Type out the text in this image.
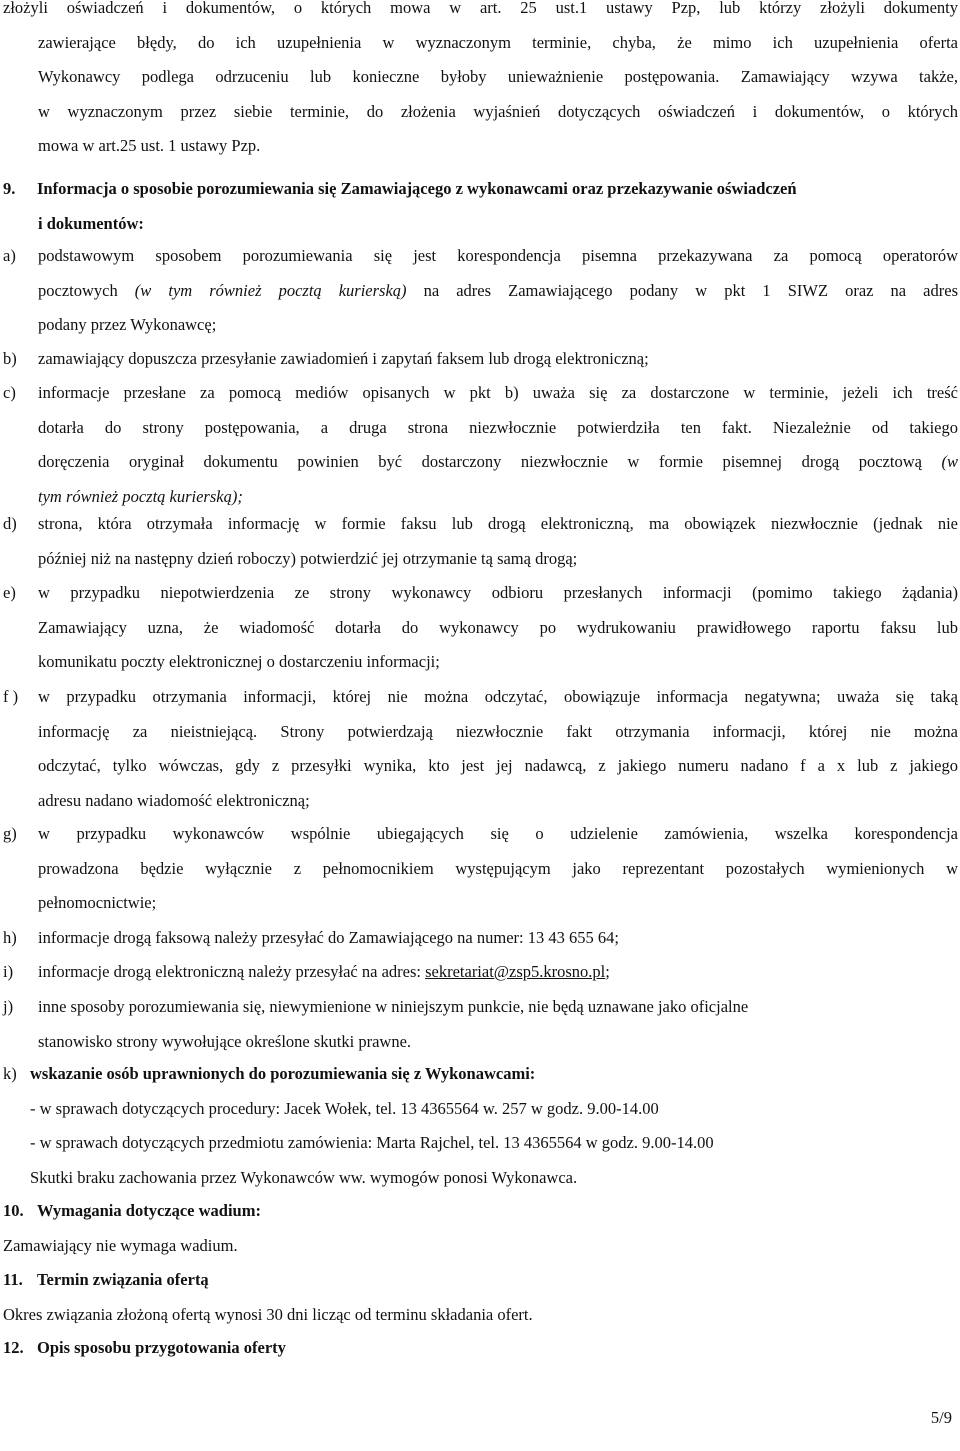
złożyli oświadczeń i dokumentów, o których mowa w art. 25 ust.1 ustawy Pzp, lub którzy złożyli dokumenty
zawierające błędy, do ich uzupełnienia w wyznaczonym terminie, chyba, że mimo ich uzupełnienia oferta
Wykonawcy podlega odrzuceniu lub konieczne byłoby unieważnienie postępowania. Zamawiający wzywa także,
w wyznaczonym przez siebie terminie, do złożenia wyjaśnień dotyczących oświadczeń i dokumentów, o których
mowa w art.25 ust. 1 ustawy Pzp.
9. Informacja o sposobie porozumiewania się Zamawiającego z wykonawcami oraz przekazywanie oświadczeń
i dokumentów:
a)	podstawowym sposobem porozumiewania się jest korespondencja pisemna przekazywana za pomocą operatorów
pocztowych (w tym również pocztą kurierską) na adres Zamawiającego podany w pkt 1 SIWZ oraz na adres
podany przez Wykonawcę;
b)	zamawiający dopuszcza przesyłanie zawiadomień i zapytań faksem lub drogą elektroniczną;
c)	informacje przesłane za pomocą mediów opisanych w pkt b) uważa się za dostarczone w terminie, jeżeli ich treść
dotarła do strony postępowania, a druga strona niezwłocznie potwierdziła ten fakt. Niezależnie od takiego
doręczenia oryginał dokumentu powinien być dostarczony niezwłocznie w formie pisemnej drogą pocztową (w
tym również pocztą kurierską);
d)	strona, która otrzymała informację w formie faksu lub drogą elektroniczną, ma obowiązek niezwłocznie (jednak nie
później niż na następny dzień roboczy) potwierdzić jej otrzymanie tą samą drogą;
e)	w przypadku niepotwierdzenia ze strony wykonawcy odbioru przesłanych informacji (pomimo takiego żądania)
Zamawiający uzna, że wiadomość dotarła do wykonawcy po wydrukowaniu prawidłowego raportu faksu lub
komunikatu poczty elektronicznej o dostarczeniu informacji;
f )	w przypadku otrzymania informacji, której nie można odczytać, obowiązuje informacja negatywna; uważa się taką
informację za nieistniejącą. Strony potwierdzają niezwłocznie fakt otrzymania informacji, której nie można
odczytać, tylko wówczas, gdy z przesyłki wynika, kto jest jej nadawcą, z jakiego numeru nadano f a x lub z jakiego
adresu nadano wiadomość elektroniczną;
g)	w przypadku wykonawców wspólnie ubiegających się o udzielenie zamówienia, wszelka korespondencja
prowadzona będzie wyłącznie z pełnomocnikiem występującym jako reprezentant pozostałych wymienionych w
pełnomocnictwie;
h)	informacje drogą faksową należy przesyłać do Zamawiającego na numer: 13 43 655 64;
i)	informacje drogą elektroniczną należy przesyłać na adres: sekretariat@zsp5.krosno.pl;
j)	inne sposoby porozumiewania się, niewymienione w niniejszym punkcie, nie będą uznawane jako oficjalne
stanowisko strony wywołujące określone skutki prawne.
k) wskazanie osób uprawnionych do porozumiewania się z Wykonawcami:
- w sprawach dotyczących procedury: Jacek Wołek, tel. 13 4365564 w. 257 w godz. 9.00-14.00
- w sprawach dotyczących przedmiotu zamówienia: Marta Rajchel, tel. 13 4365564 w godz. 9.00-14.00
Skutki braku zachowania przez Wykonawców ww. wymogów ponosi Wykonawca.
10. Wymagania dotyczące wadium:
Zamawiający nie wymaga wadium.
11. Termin związania ofertą
Okres związania złożoną ofertą wynosi 30 dni licząc od terminu składania ofert.
12. Opis sposobu przygotowania oferty
5/9
